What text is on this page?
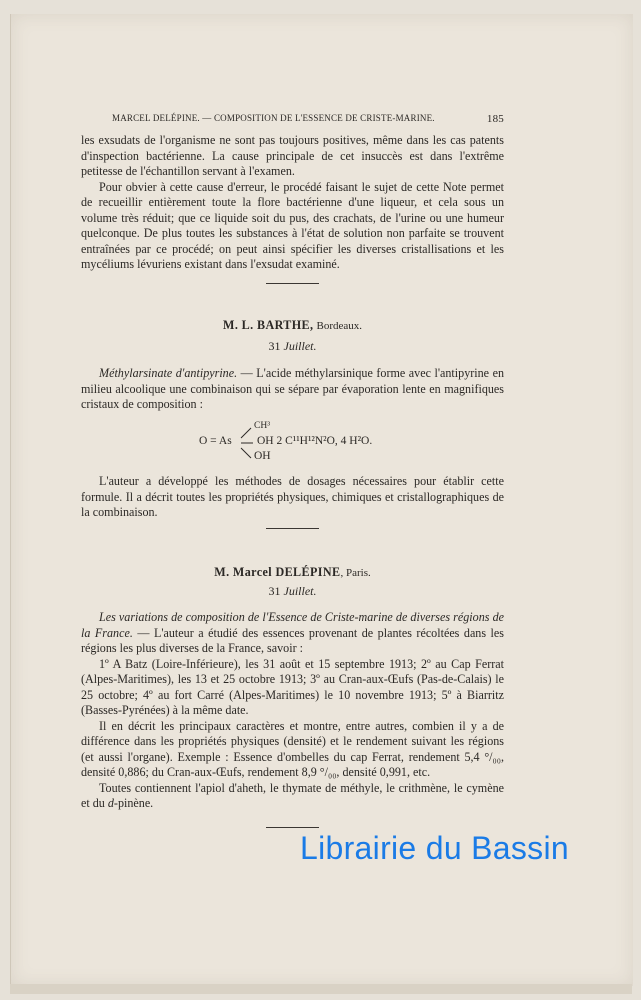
MARCEL DELÉPINE. — COMPOSITION DE L'ESSENCE DE CRISTE-MARINE.	185

les exsudats de l'organisme ne sont pas toujours positives, même dans les cas patents d'inspection bactérienne. La cause principale de cet insuccès est dans l'extrême petitesse de l'échantillon servant à l'examen.

Pour obvier à cette cause d'erreur, le procédé faisant le sujet de cette Note permet de recueillir entièrement toute la flore bactérienne d'une liqueur, et cela sous un volume très réduit; que ce liquide soit du pus, des crachats, de l'urine ou une humeur quelconque. De plus toutes les substances à l'état de solution non parfaite se trouvent entraînées par ce procédé; on peut ainsi spécifier les diverses cristallisations et les mycéliums lévuriens existant dans l'exsudat examiné.

M. L. BARTHE, Bordeaux.
31 Juillet.

Méthylarsinate d'antipyrine. — L'acide méthylarsinique forme avec l'antipyrine en milieu alcoolique une combinaison qui se sépare par évaporation lente en magnifiques cristaux de composition :

CH³
O = As OH 2 C¹¹H¹²N²O, 4 H²O.
OH

L'auteur a développé les méthodes de dosages nécessaires pour établir cette formule. Il a décrit toutes les propriétés physiques, chimiques et cristallographiques de la combinaison.

M. Marcel DELÉPINE, Paris.
31 Juillet.

Les variations de composition de l'Essence de Criste-marine de diverses régions de la France. — L'auteur a étudié des essences provenant de plantes récoltées dans les régions les plus diverses de la France, savoir :

1º A Batz (Loire-Inférieure), les 31 août et 15 septembre 1913; 2º au Cap Ferrat (Alpes-Maritimes), les 13 et 25 octobre 1913; 3º au Cran-aux-Œufs (Pas-de-Calais) le 25 octobre; 4º au fort Carré (Alpes-Maritimes) le 10 novembre 1913; 5º à Biarritz (Basses-Pyrénées) à la même date.

Il en décrit les principaux caractères et montre, entre autres, combien il y a de différence dans les propriétés physiques (densité) et le rendement suivant les régions (et aussi l'organe). Exemple : Essence d'ombelles du cap Ferrat, rendement 5,4 °/₀₀, densité 0,886; du Cran-aux-Œufs, rendement 8,9 °/₀₀, densité 0,991, etc.

Toutes contiennent l'apiol d'aheth, le thymate de méthyle, le crithmène, le cymène et du d-pinène.

Librairie du Bassin
